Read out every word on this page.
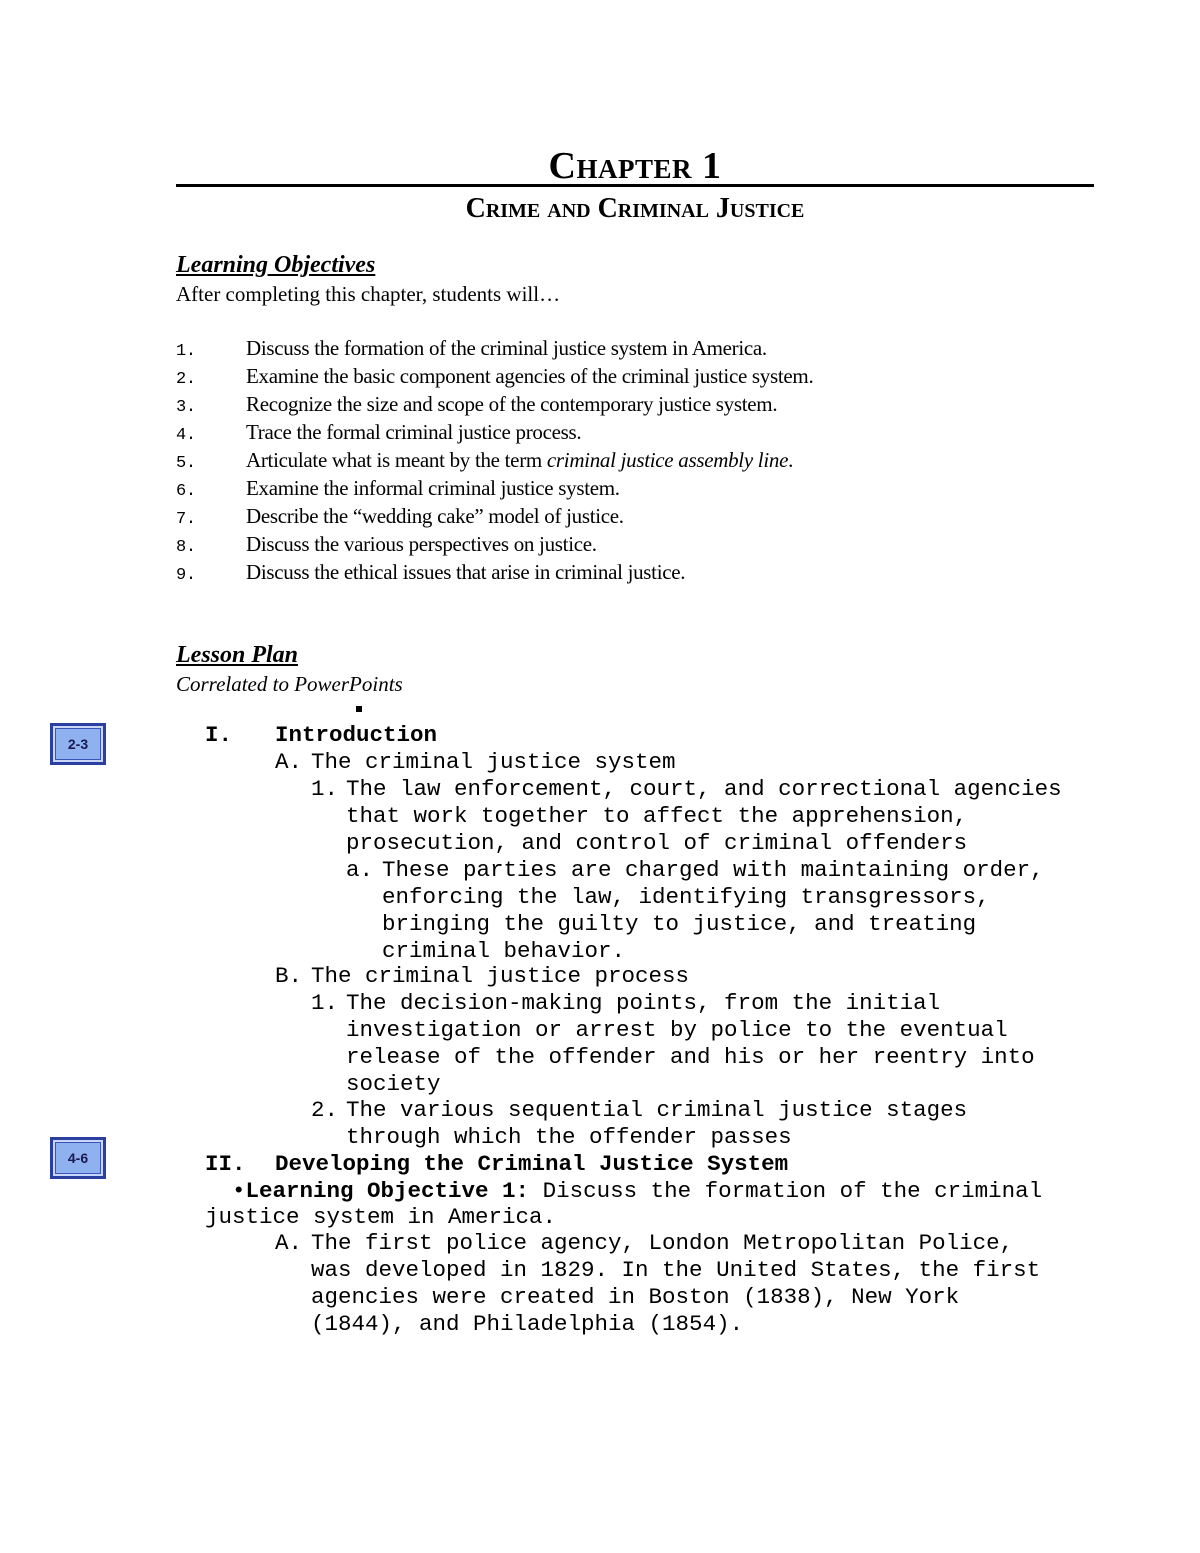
Chapter 1
Crime and Criminal Justice
Learning Objectives
After completing this chapter, students will…
1.	Discuss the formation of the criminal justice system in America.
2.	Examine the basic component agencies of the criminal justice system.
3.	Recognize the size and scope of the contemporary justice system.
4.	Trace the formal criminal justice process.
5.	Articulate what is meant by the term criminal justice assembly line.
6.	Examine the informal criminal justice system.
7.	Describe the “wedding cake” model of justice.
8.	Discuss the various perspectives on justice.
9.	Discuss the ethical issues that arise in criminal justice.
Lesson Plan
Correlated to PowerPoints
2-3
4-6
I. Introduction
A. The criminal justice system
1. The law enforcement, court, and correctional agencies
that work together to affect the apprehension,
prosecution, and control of criminal offenders
a. These parties are charged with maintaining order,
enforcing the law, identifying transgressors,
bringing the guilty to justice, and treating
criminal behavior.
B. The criminal justice process
1. The decision-making points, from the initial
investigation or arrest by police to the eventual
release of the offender and his or her reentry into
society
2. The various sequential criminal justice stages
through which the offender passes
II. Developing the Criminal Justice System
•Learning Objective 1: Discuss the formation of the criminal
justice system in America.
A. The first police agency, London Metropolitan Police,
was developed in 1829. In the United States, the first
agencies were created in Boston (1838), New York
(1844), and Philadelphia (1854).
